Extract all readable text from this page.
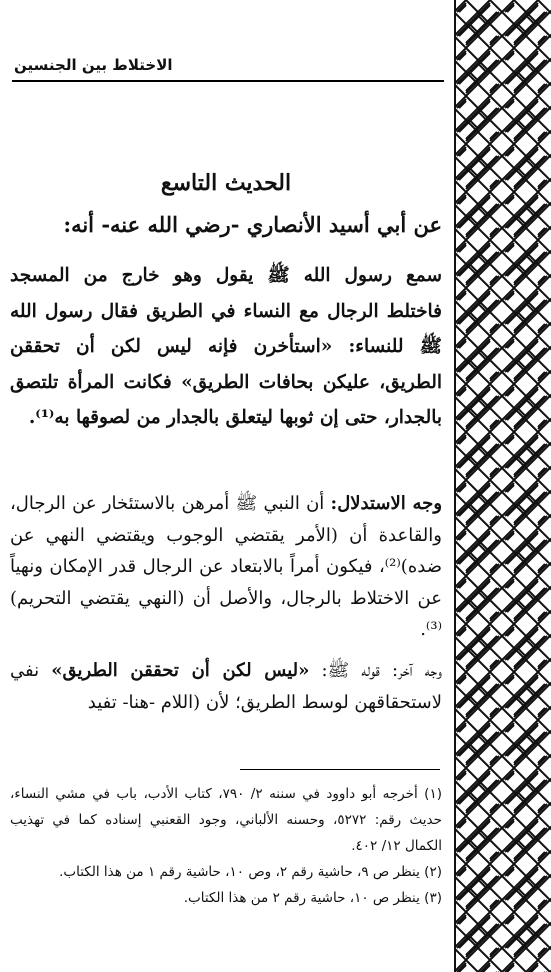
الاختلاط بين الجنسين
الحديث التاسع
عن أبي أسيد الأنصاري -رضي الله عنه- أنه:
سمع رسول الله ﷺ يقول وهو خارج من المسجد فاختلط الرجال مع النساء في الطريق فقال رسول الله ﷺ للنساء: «استأخرن فإنه ليس لكن أن تحققن الطريق، عليكن بحافات الطريق» فكانت المرأة تلتصق بالجدار، حتى إن ثوبها ليتعلق بالجدار من لصوقها به⁽¹⁾.
وجه الاستدلال: أن النبي ﷺ أمرهن بالاستئخار عن الرجال، والقاعدة أن (الأمر يقتضي الوجوب ويقتضي النهي عن ضده)⁽²⁾، فيكون أمراً بالابتعاد عن الرجال قدر الإمكان ونهياً عن الاختلاط بالرجال، والأصل أن (النهي يقتضي التحريم)⁽³⁾.
وجه آخر: قوله ﷺ: «ليس لكن أن تحققن الطريق» نفي لاستحقاقهن لوسط الطريق؛ لأن (اللام -هنا- تفيد
(١) أخرجه أبو داوود في سننه ٢/ ٧٩٠، كتاب الأدب، باب في مشي النساء، حديث رقم: ٥٢٧٢، وحسنه الألباني، وجود القعنبي إسناده كما في تهذيب الكمال ١٢/ ٤٠٢.
(٢) ينظر ص ٩، حاشية رقم ٢، وص ١٠، حاشية رقم ١ من هذا الكتاب.
(٣) ينظر ص ١٠، حاشية رقم ٢ من هذا الكتاب.
